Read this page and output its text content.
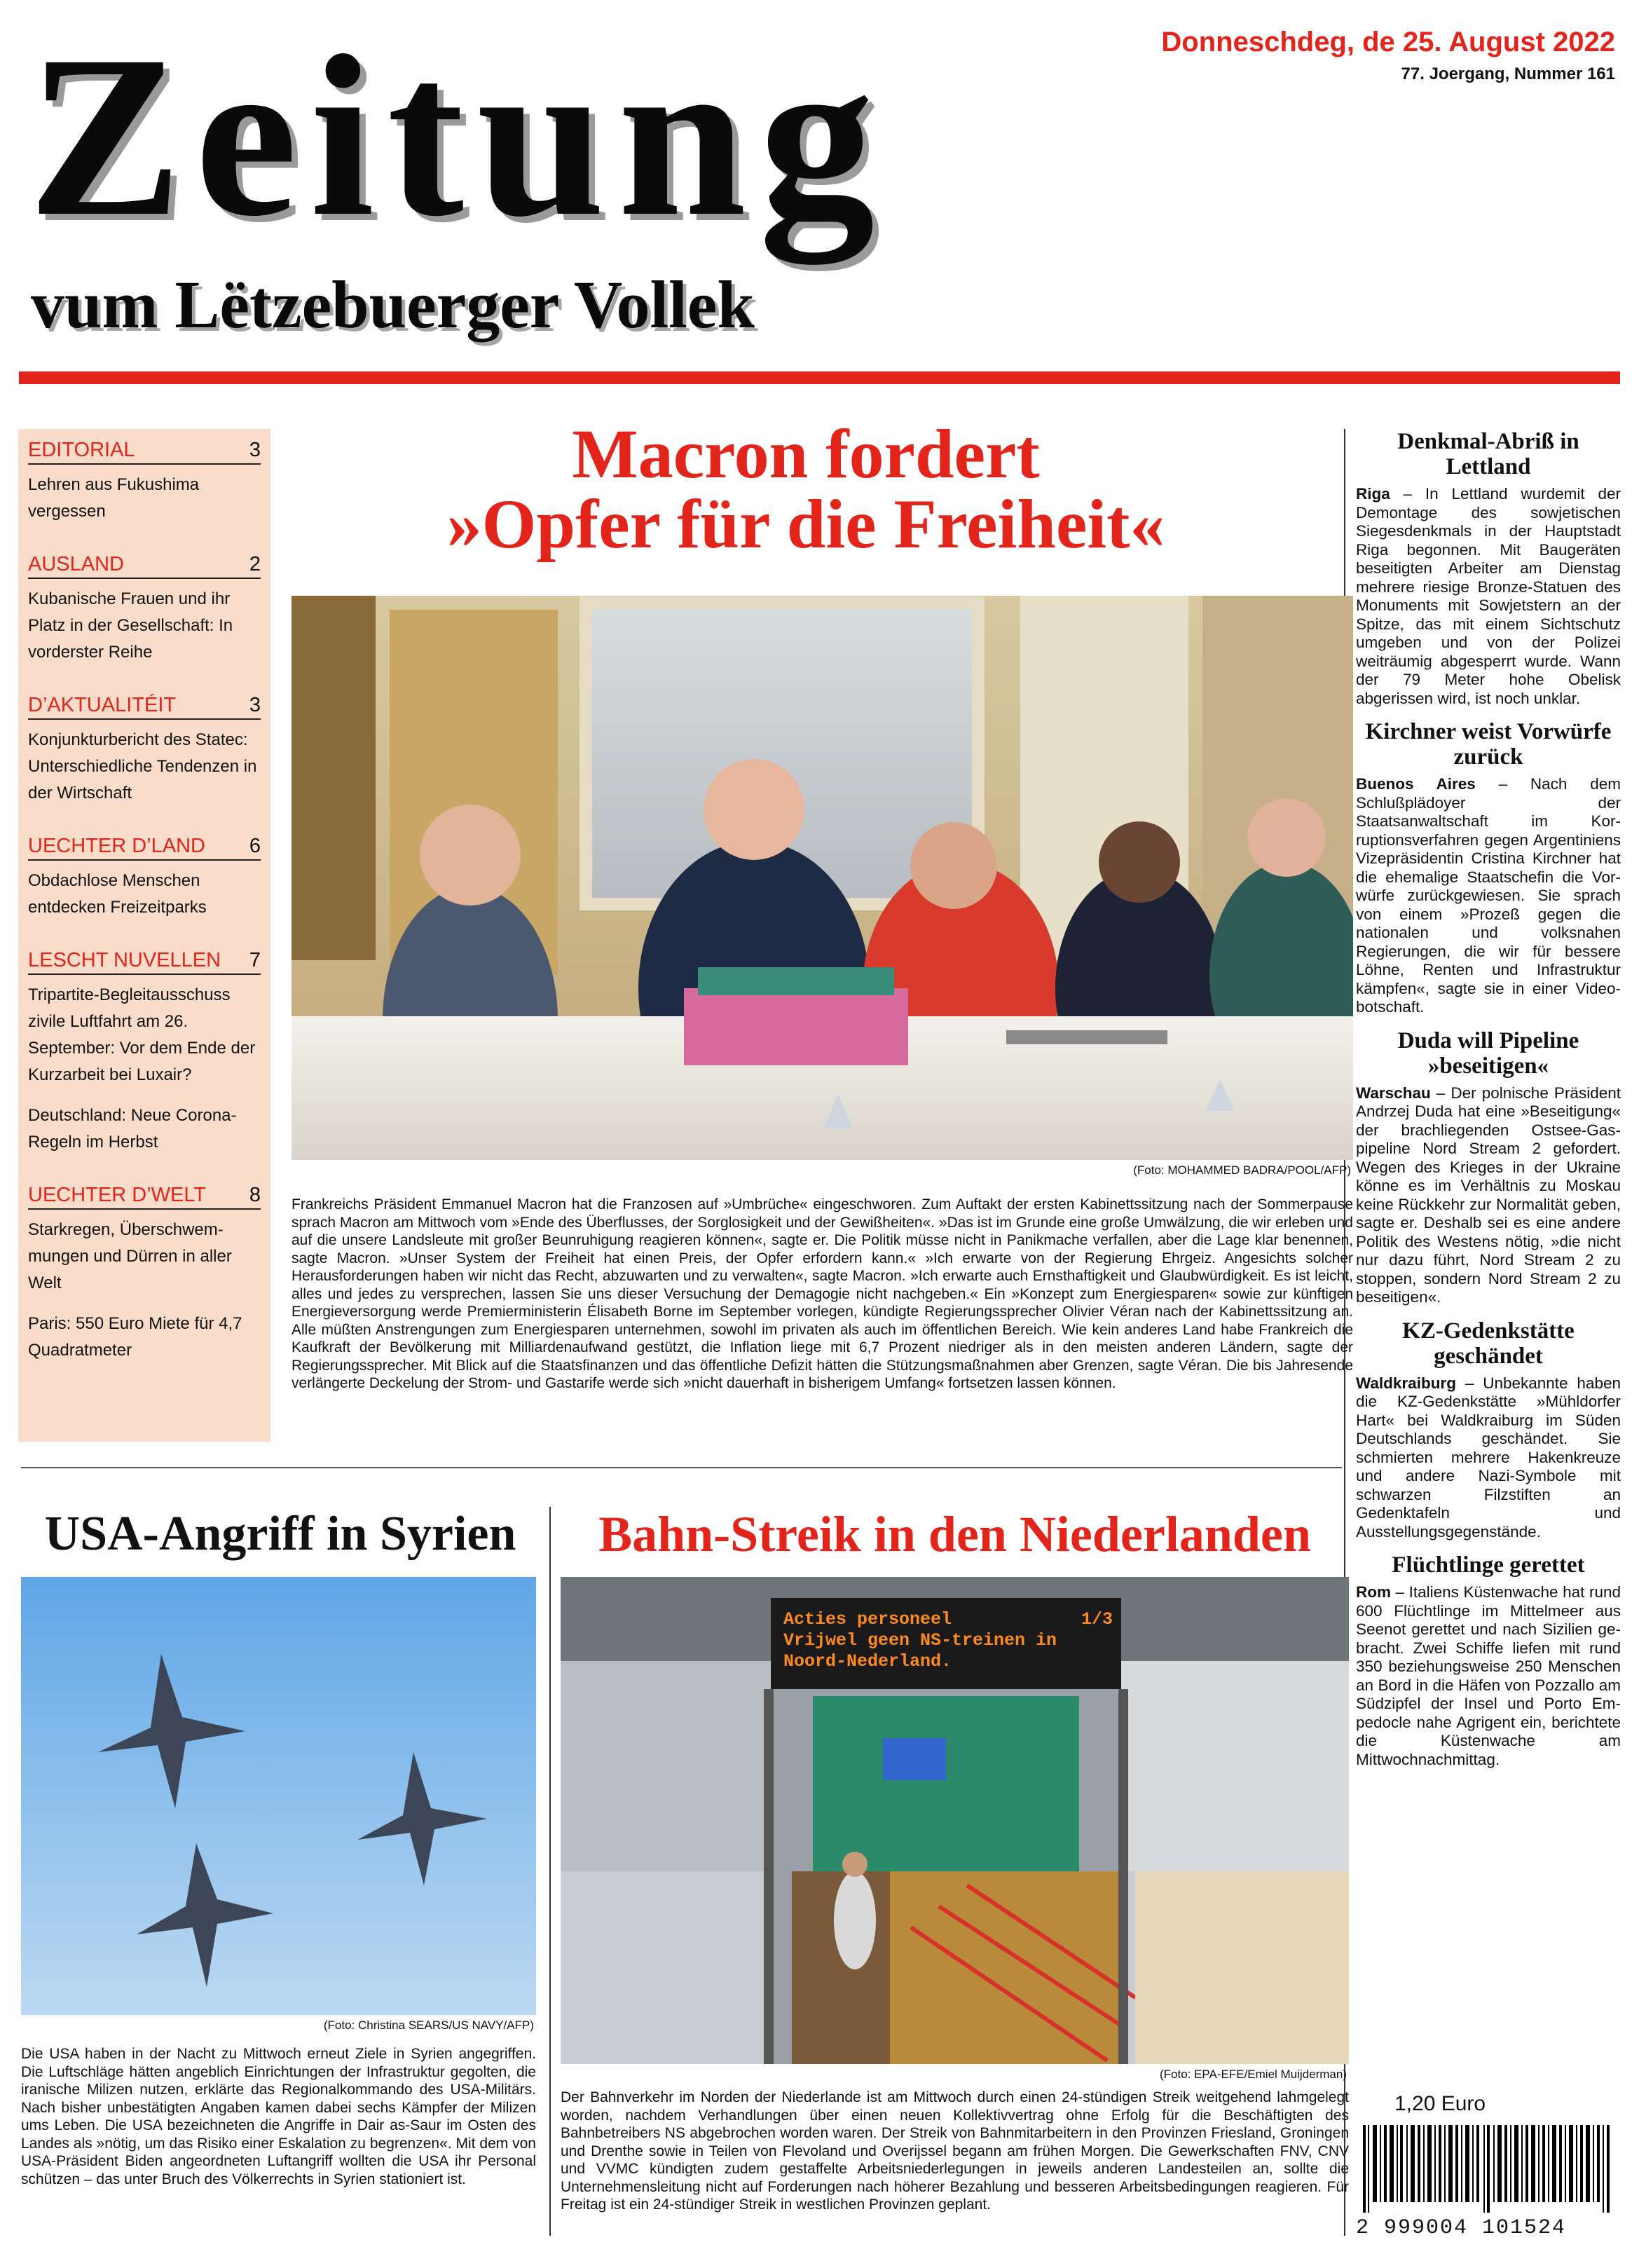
Zeitung
vum Lëtzebuerger Vollek
Donneschdeg, de 25. August 2022
77. Joergang, Nummer 161
EDITORIAL	3
Lehren aus Fukushima vergessen
AUSLAND	2
Kubanische Frauen und ihr Platz in der Gesellschaft: In vorderster Reihe
D’AKTUALITÉIT	3
Konjunkturbericht des Statec: Unterschiedliche Tendenzen in der Wirtschaft
UECHTER D’LAND 6
Obdachlose Menschen entdecken Freizeitparks
LESCHT NUVELLEN 7
Tripartite-Begleitausschuss zivile Luftfahrt am 26. September: Vor dem Ende der Kurzarbeit bei Luxair?
Deutschland: Neue Corona-Regeln im Herbst
UECHTER D’WELT 8
Starkregen, Überschwemmungen und Dürren in aller Welt
Paris: 550 Euro Miete für 4,7 Quadratmeter
Macron fordert
»Opfer für die Freiheit«
(Foto: MOHAMMED BADRA/POOL/AFP)
Frankreichs Präsident Emmanuel Macron hat die Franzosen auf »Umbrüche« eingeschworen. Zum Auftakt der ersten Kabinettssitzung nach der Sommerpause sprach Macron am Mittwoch vom »Ende des Überflusses, der Sorglosigkeit und der Gewißheiten«. »Das ist im Grunde eine große Umwälzung, die wir erleben und auf die unsere Landsleute mit großer Beunruhigung reagieren können«, sagte er. Die Politik müsse nicht in Panikmache verfallen, aber die Lage klar benennen, sagte Macron. »Unser System der Freiheit hat einen Preis, der Opfer erfordern kann.« »Ich erwarte von der Regierung Ehrgeiz. Angesichts solcher Herausforderungen haben wir nicht das Recht, abzuwarten und zu verwalten«, sagte Macron. »Ich erwarte auch Ernsthaftigkeit und Glaubwürdigkeit. Es ist leicht, alles und jedes zu versprechen, lassen Sie uns dieser Versuchung der Demagogie nicht nachgeben.« Ein »Konzept zum Energiesparen« sowie zur künftigen Energieversorgung werde Premierministerin Élisabeth Borne im September vorlegen, kündigte Regierungssprecher Olivier Véran nach der Kabinettssitzung an. Alle müßten Anstrengungen zum Energiesparen unternehmen, sowohl im privaten als auch im öffentlichen Bereich. Wie kein anderes Land habe Frankreich die Kaufkraft der Bevölkerung mit Milliardenaufwand gestützt, die Inflation liege mit 6,7 Prozent niedriger als in den meisten anderen Ländern, sagte der Regierungssprecher. Mit Blick auf die Staatsfinanzen und das öffentliche Defizit hätten die Stützungsmaßnahmen aber Grenzen, sagte Véran. Die bis Jahresende verlängerte Deckelung der Strom- und Gastarife werde sich »nicht dauerhaft in bisherigem Umfang« fortsetzen lassen können.
Denkmal-Abriß in Lettland
Riga – In Lettland wurdemit der Demontage des sowjetischen Siegesdenkmals in der Hauptstadt Riga begonnen. Mit Baugeräten beseitigten Arbeiter am Dienstag mehrere riesige Bronze-Statuen des Monuments mit Sowjetstern an der Spitze, das mit einem Sichtschutz umgeben und von der Polizei weiträumig abgesperrt wurde. Wann der 79 Meter hohe Obelisk abgerissen wird, ist noch unklar.
Kirchner weist Vorwürfe zurück
Buenos Aires – Nach dem Schlußplädoyer der Staatsanwaltschaft im Korruptionsverfahren gegen Argentiniens Vizepräsidentin Cristina Kirchner hat die ehemalige Staatschefin die Vorwürfe zurückgewiesen. Sie sprach von einem »Prozeß gegen die nationalen und volksnahen Regierungen, die wir für bessere Löhne, Renten und Infrastruktur kämpfen«, sagte sie in einer Videobotschaft.
Duda will Pipeline »beseitigen«
Warschau – Der polnische Präsident Andrzej Duda hat eine »Beseitigung« der brachliegenden Ostsee-Gaspipeline Nord Stream 2 gefordert. Wegen des Krieges in der Ukraine könne es im Verhältnis zu Moskau keine Rückkehr zur Normalität geben, sagte er. Deshalb sei es eine andere Politik des Westens nötig, »die nicht nur dazu führt, Nord Stream 2 zu stoppen, sondern Nord Stream 2 zu beseitigen«.
KZ-Gedenkstätte geschändet
Waldkraiburg – Unbekannte haben die KZ-Gedenkstätte »Mühldorfer Hart« bei Waldkraiburg im Süden Deutschlands geschändet. Sie schmierten mehrere Hakenkreuze und andere Nazi-Symbole mit schwarzen Filzstiften an Gedenktafeln und Ausstellungsgegenstände.
Flüchtlinge gerettet
Rom – Italiens Küstenwache hat rund 600 Flüchtlinge im Mittelmeer aus Seenot gerettet und nach Sizilien gebracht. Zwei Schiffe liefen mit rund 350 beziehungsweise 250 Menschen an Bord in die Häfen von Pozzallo am Südzipfel der Insel und Porto Empedocle nahe Agrigent ein, berichtete die Küstenwache am Mittwochnachmittag.
USA-Angriff in Syrien
(Foto: Christina SEARS/US NAVY/AFP)
Die USA haben in der Nacht zu Mittwoch erneut Ziele in Syrien angegriffen. Die Luftschläge hätten angeblich Einrichtungen der Infrastruktur gegolten, die iranische Milizen nutzen, erklärte das Regionalkommando des USA-Militärs. Nach bisher unbestätigten Angaben kamen dabei sechs Kämpfer der Milizen ums Leben. Die USA bezeichneten die Angriffe in Dair as-Saur im Osten des Landes als »nötig, um das Risiko einer Eskalation zu begrenzen«. Mit dem von USA-Präsident Biden angeordneten Luftangriff wollten die USA ihr Personal schützen – das unter Bruch des Völkerrechts in Syrien stationiert ist.
Bahn-Streik in den Niederlanden
Acties personeel	1/3
Vrijwel geen NS-treinen in
Noord-Nederland.
(Foto: EPA-EFE/Emiel Muijderman)
Der Bahnverkehr im Norden der Niederlande ist am Mittwoch durch einen 24-stündigen Streik weitgehend lahmgelegt worden, nachdem Verhandlungen über einen neuen Kollektivvertrag ohne Erfolg für die Beschäftigten des Bahnbetreibers NS abgebrochen worden waren. Der Streik von Bahnmitarbeitern in den Provinzen Friesland, Groningen und Drenthe sowie in Teilen von Flevoland und Overijssel begann am frühen Morgen. Die Gewerkschaften FNV, CNV und VVMC kündigten zudem gestaffelte Arbeitsniederlegungen in jeweils anderen Landesteilen an, sollte die Unternehmensleitung nicht auf Forderungen nach höherer Bezahlung und besseren Arbeitsbedingungen reagieren. Für Freitag ist ein 24-stündiger Streik in westlichen Provinzen geplant.
1,20 Euro
2 999004 101524
